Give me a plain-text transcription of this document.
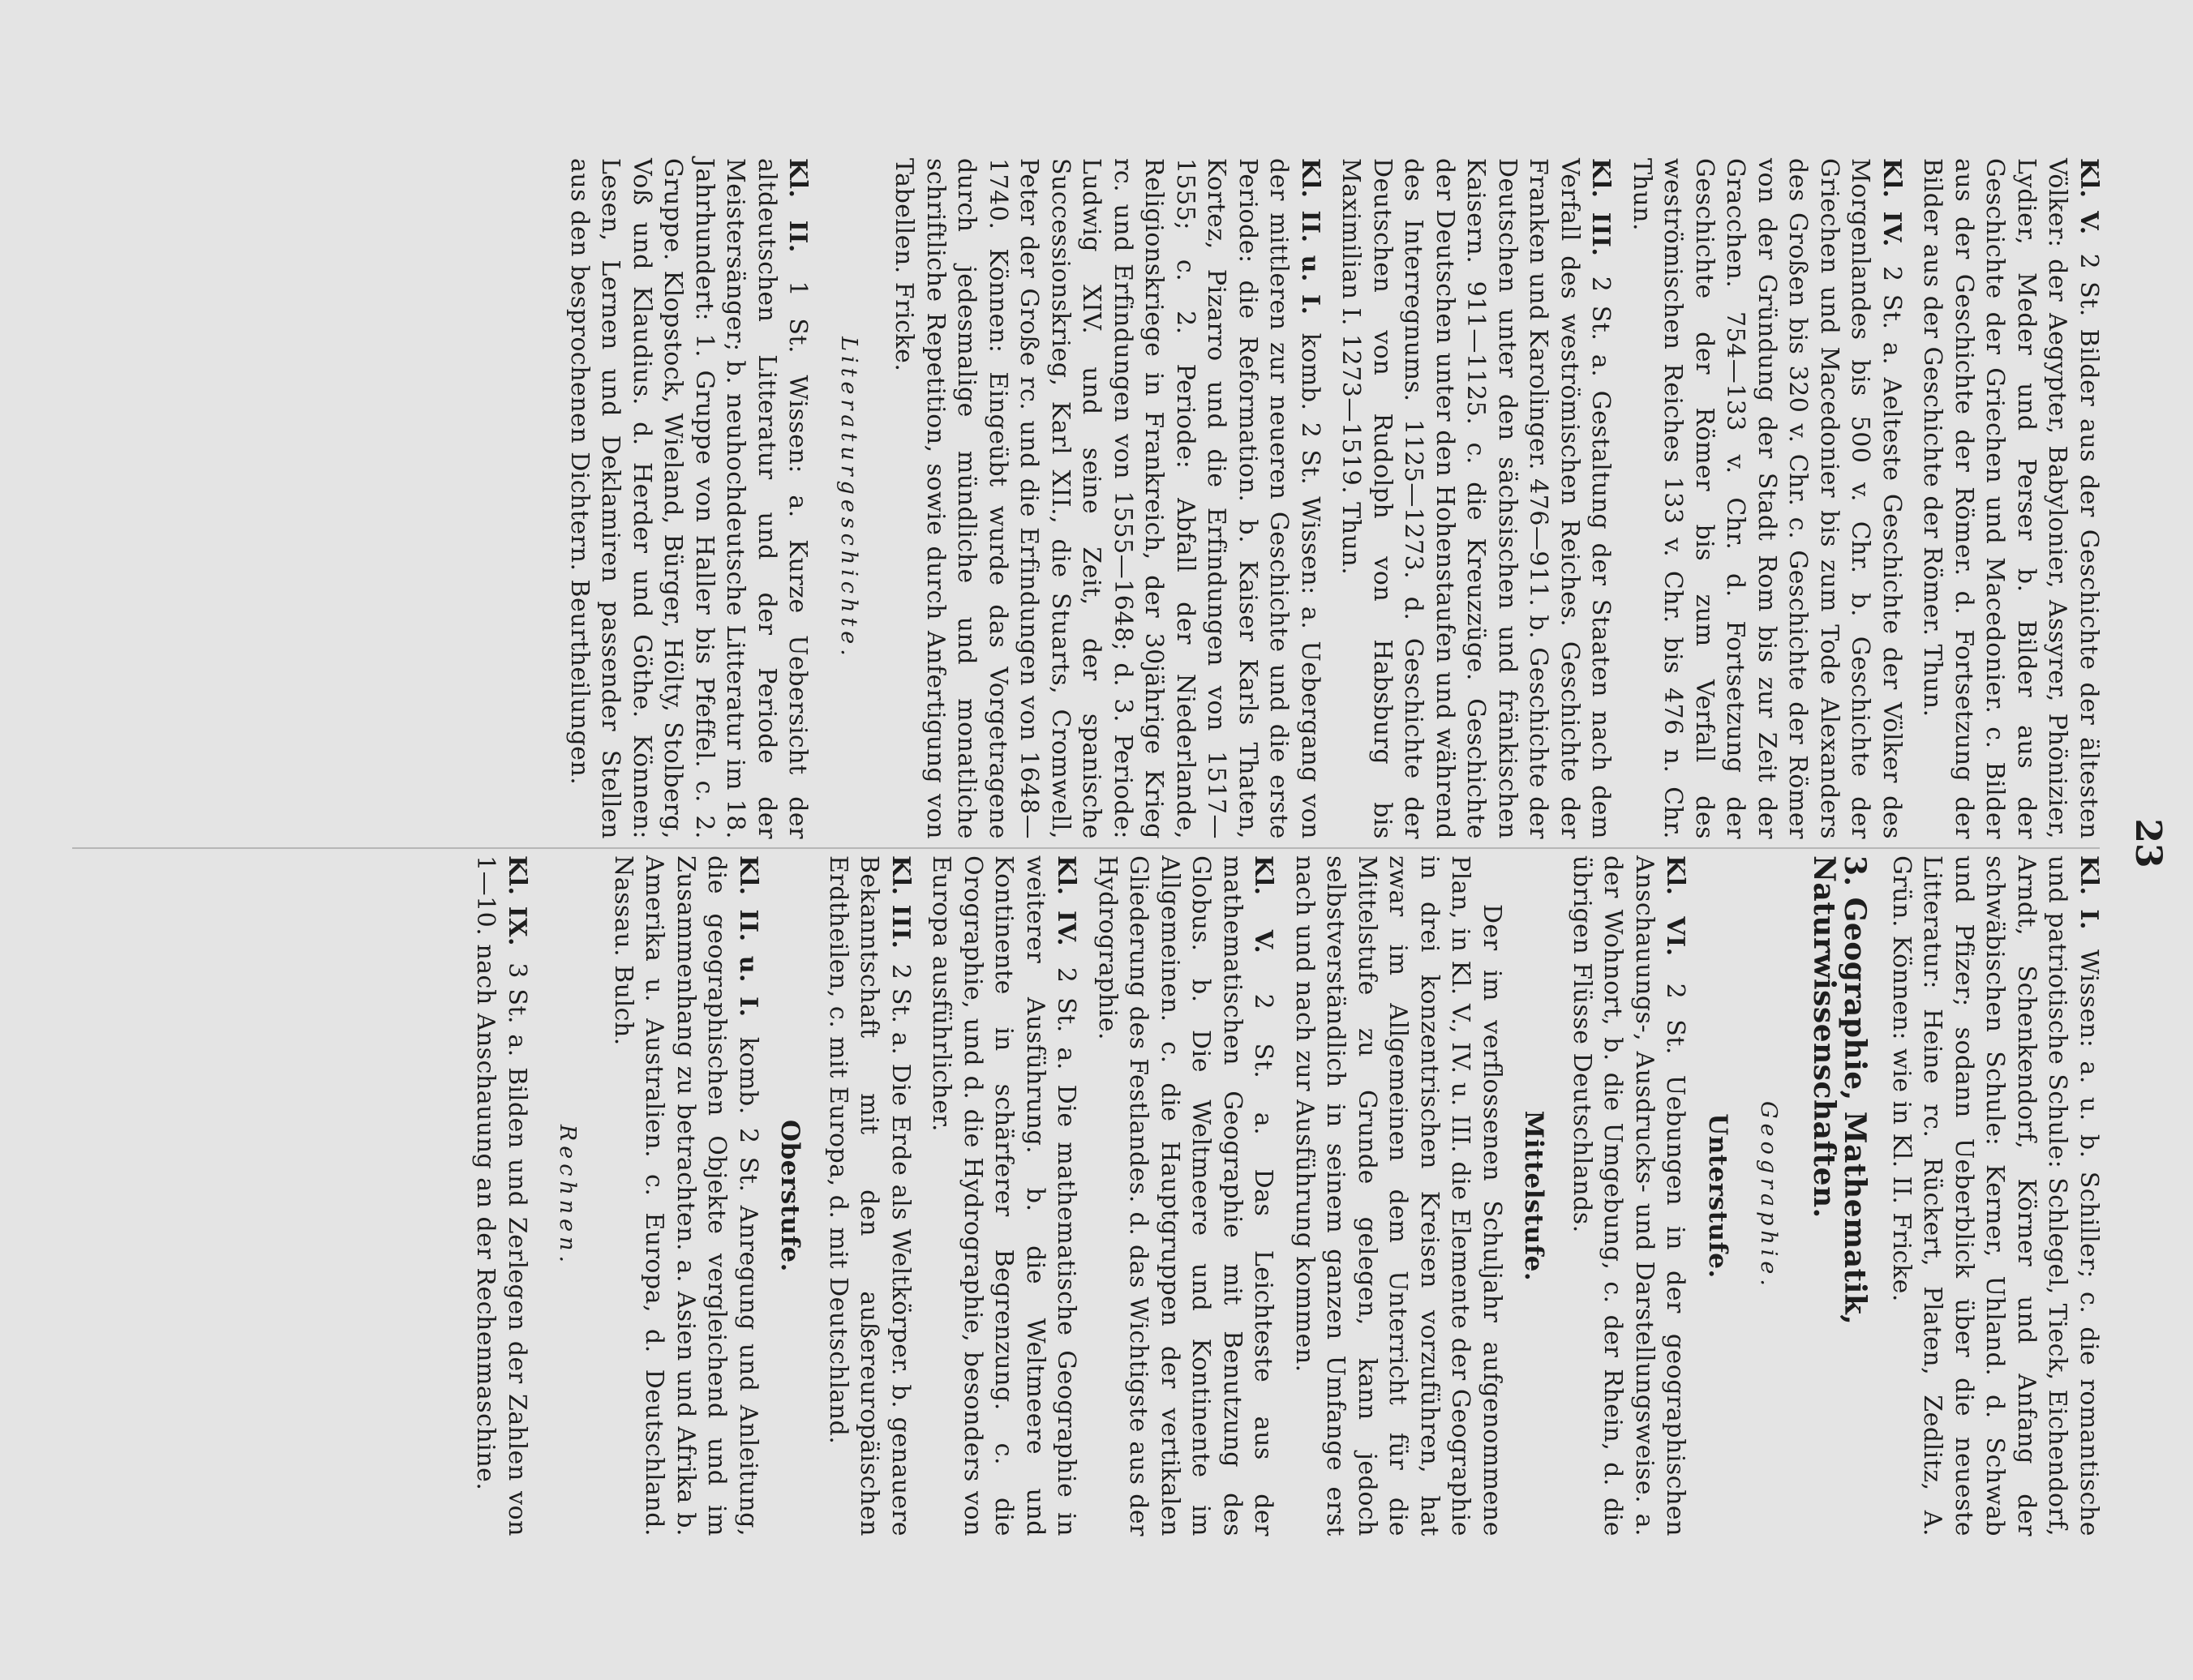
23
Kl. V. 2 St. Bilder aus der Geschichte der ältesten Völker: der Aegypter, Babylonier, Assyrer, Phönizier, Lydier, Meder und Perser b. Bilder aus der Geschichte der Griechen und Macedonier. c. Bilder aus der Geschichte der Römer. d. Fortsetzung der Bilder aus der Geschichte der Römer. Thun.
Kl. IV. 2 St. a. Aelteste Geschichte der Völker des Morgenlandes bis 500 v. Chr. b. Geschichte der Griechen und Macedonier bis zum Tode Alexanders des Großen bis 320 v. Chr. c. Geschichte der Römer von der Gründung der Stadt Rom bis zur Zeit der Gracchen. 754—133 v. Chr. d. Fortsetzung der Geschichte der Römer bis zum Verfall des weströmischen Reiches 133 v. Chr. bis 476 n. Chr. Thun.
Kl. III. 2 St. a. Gestaltung der Staaten nach dem Verfall des weströmischen Reiches. Geschichte der Franken und Karolinger. 476—911. b. Geschichte der Deutschen unter den sächsischen und fränkischen Kaisern. 911—1125. c. die Kreuzzüge. Geschichte der Deutschen unter den Hohenstaufen und während des Interregnums. 1125—1273. d. Geschichte der Deutschen von Rudolph von Habsburg bis Maximilian I. 1273—1519. Thun.
Kl. II. u. I. komb. 2 St. Wissen: a. Uebergang von der mittleren zur neueren Geschichte und die erste Periode: die Reformation. b. Kaiser Karls Thaten, Kortez, Pizarro und die Erfindungen von 1517—1555; c. 2. Periode: Abfall der Niederlande, Religionskriege in Frankreich, der 30jährige Krieg rc. und Erfindungen von 1555—1648; d. 3. Periode: Ludwig XIV. und seine Zeit, der spanische Successionskrieg, Karl XII., die Stuarts, Cromwell, Peter der Große rc. und die Erfindungen von 1648—1740. Können: Eingeübt wurde das Vorgetragene durch jedesmalige mündliche und monatliche schriftliche Repetition, sowie durch Anfertigung von Tabellen. Fricke.
Literaturgeschichte.
Kl. II. 1 St. Wissen: a. Kurze Uebersicht der altdeutschen Litteratur und der Periode der Meistersänger; b. neuhochdeutsche Litteratur im 18. Jahrhundert: 1. Gruppe von Haller bis Pfeffel. c. 2. Gruppe. Klopstock, Wieland, Bürger, Hölty, Stolberg, Voß und Klaudius. d. Herder und Göthe. Können: Lesen, Lernen und Deklamiren passender Stellen aus den besprochenen Dichtern. Beurtheilungen.
Kl. I. Wissen: a. u. b. Schiller; c. die romantische und patriotische Schule: Schlegel, Tieck, Eichendorf, Arndt, Schenkendorf, Körner und Anfang der schwäbischen Schule: Kerner, Uhland. d. Schwab und Pfizer; sodann Ueberblick über die neueste Litteratur: Heine rc. Rückert, Platen, Zedlitz, A. Grün. Können: wie in Kl. II. Fricke.
3. Geographie, Mathematik, Naturwissenschaften.
Geographie.
Unterstufe.
Kl. VI. 2 St. Uebungen in der geographischen Anschauungs-, Ausdrucks- und Darstellungsweise. a. der Wohnort, b. die Umgebung, c. der Rhein, d. die übrigen Flüsse Deutschlands.
Mittelstufe.
Der im verflossenen Schuljahr aufgenommene Plan, in Kl. V., IV. u. III. die Elemente der Geographie in drei konzentrischen Kreisen vorzuführen, hat zwar im Allgemeinen dem Unterricht für die Mittelstufe zu Grunde gelegen, kann jedoch selbstverständlich in seinem ganzen Umfange erst nach und nach zur Ausführung kommen.
Kl. V. 2 St. a. Das Leichteste aus der mathematischen Geographie mit Benutzung des Globus. b. Die Weltmeere und Kontinente im Allgemeinen. c. die Hauptgruppen der vertikalen Gliederung des Festlandes. d. das Wichtigste aus der Hydrographie.
Kl. IV. 2 St. a. Die mathematische Geographie in weiterer Ausführung. b. die Weltmeere und Kontinente in schärferer Begrenzung. c. die Orographie, und d. die Hydrographie, besonders von Europa ausführlicher.
Kl. III. 2 St. a. Die Erde als Weltkörper. b. genauere Bekanntschaft mit den außereuropäischen Erdtheilen, c. mit Europa, d. mit Deutschland.
Oberstufe.
Kl. II. u. I. komb. 2 St. Anregung und Anleitung, die geographischen Objekte vergleichend und im Zusammenhang zu betrachten. a. Asien und Afrika b. Amerika u. Australien. c. Europa, d. Deutschland. Nassau. Bulch.
Rechnen.
Kl. IX. 3 St. a. Bilden und Zerlegen der Zahlen von 1—10. nach Anschauung an der Rechenmaschine.
